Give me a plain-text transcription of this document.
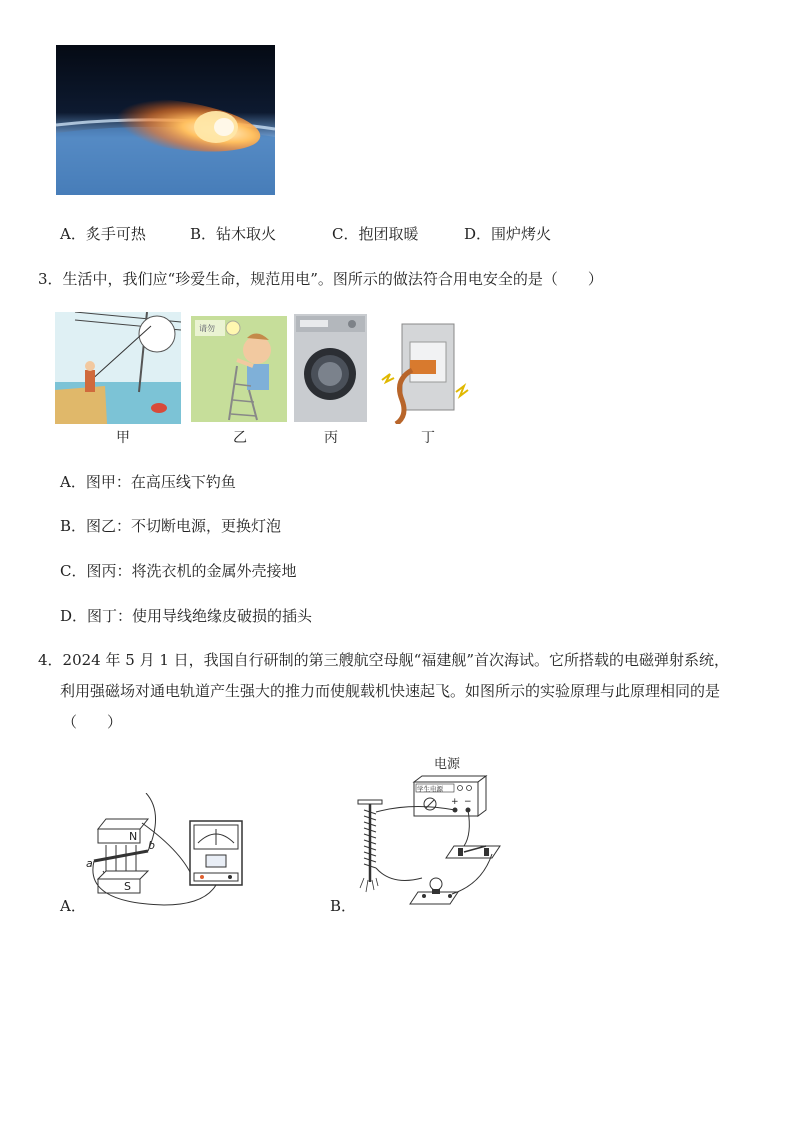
A．炙手可热	B．钻木取火	C．抱团取暖	D．围炉烤火
3．生活中，我们应“珍爱生命，规范用电”。图所示的做法符合用电安全的是（　　）
请勿
甲	乙	丙	丁
A．图甲：在高压线下钓鱼
B．图乙：不切断电源，更换灯泡
C．图丙：将洗衣机的金属外壳接地
D．图丁：使用导线绝缘皮破损的插头
4．2024 年 5 月 1 日，我国自行研制的第三艘航空母舰“福建舰”首次海试。它所搭载的电磁弹射系统，
利用强磁场对通电轨道产生强大的推力而使舰载机快速起飞。如图所示的实验原理与此原理相同的是
（　　）
N
a
b
S
A．
电源
学生电源
+ −
B．
